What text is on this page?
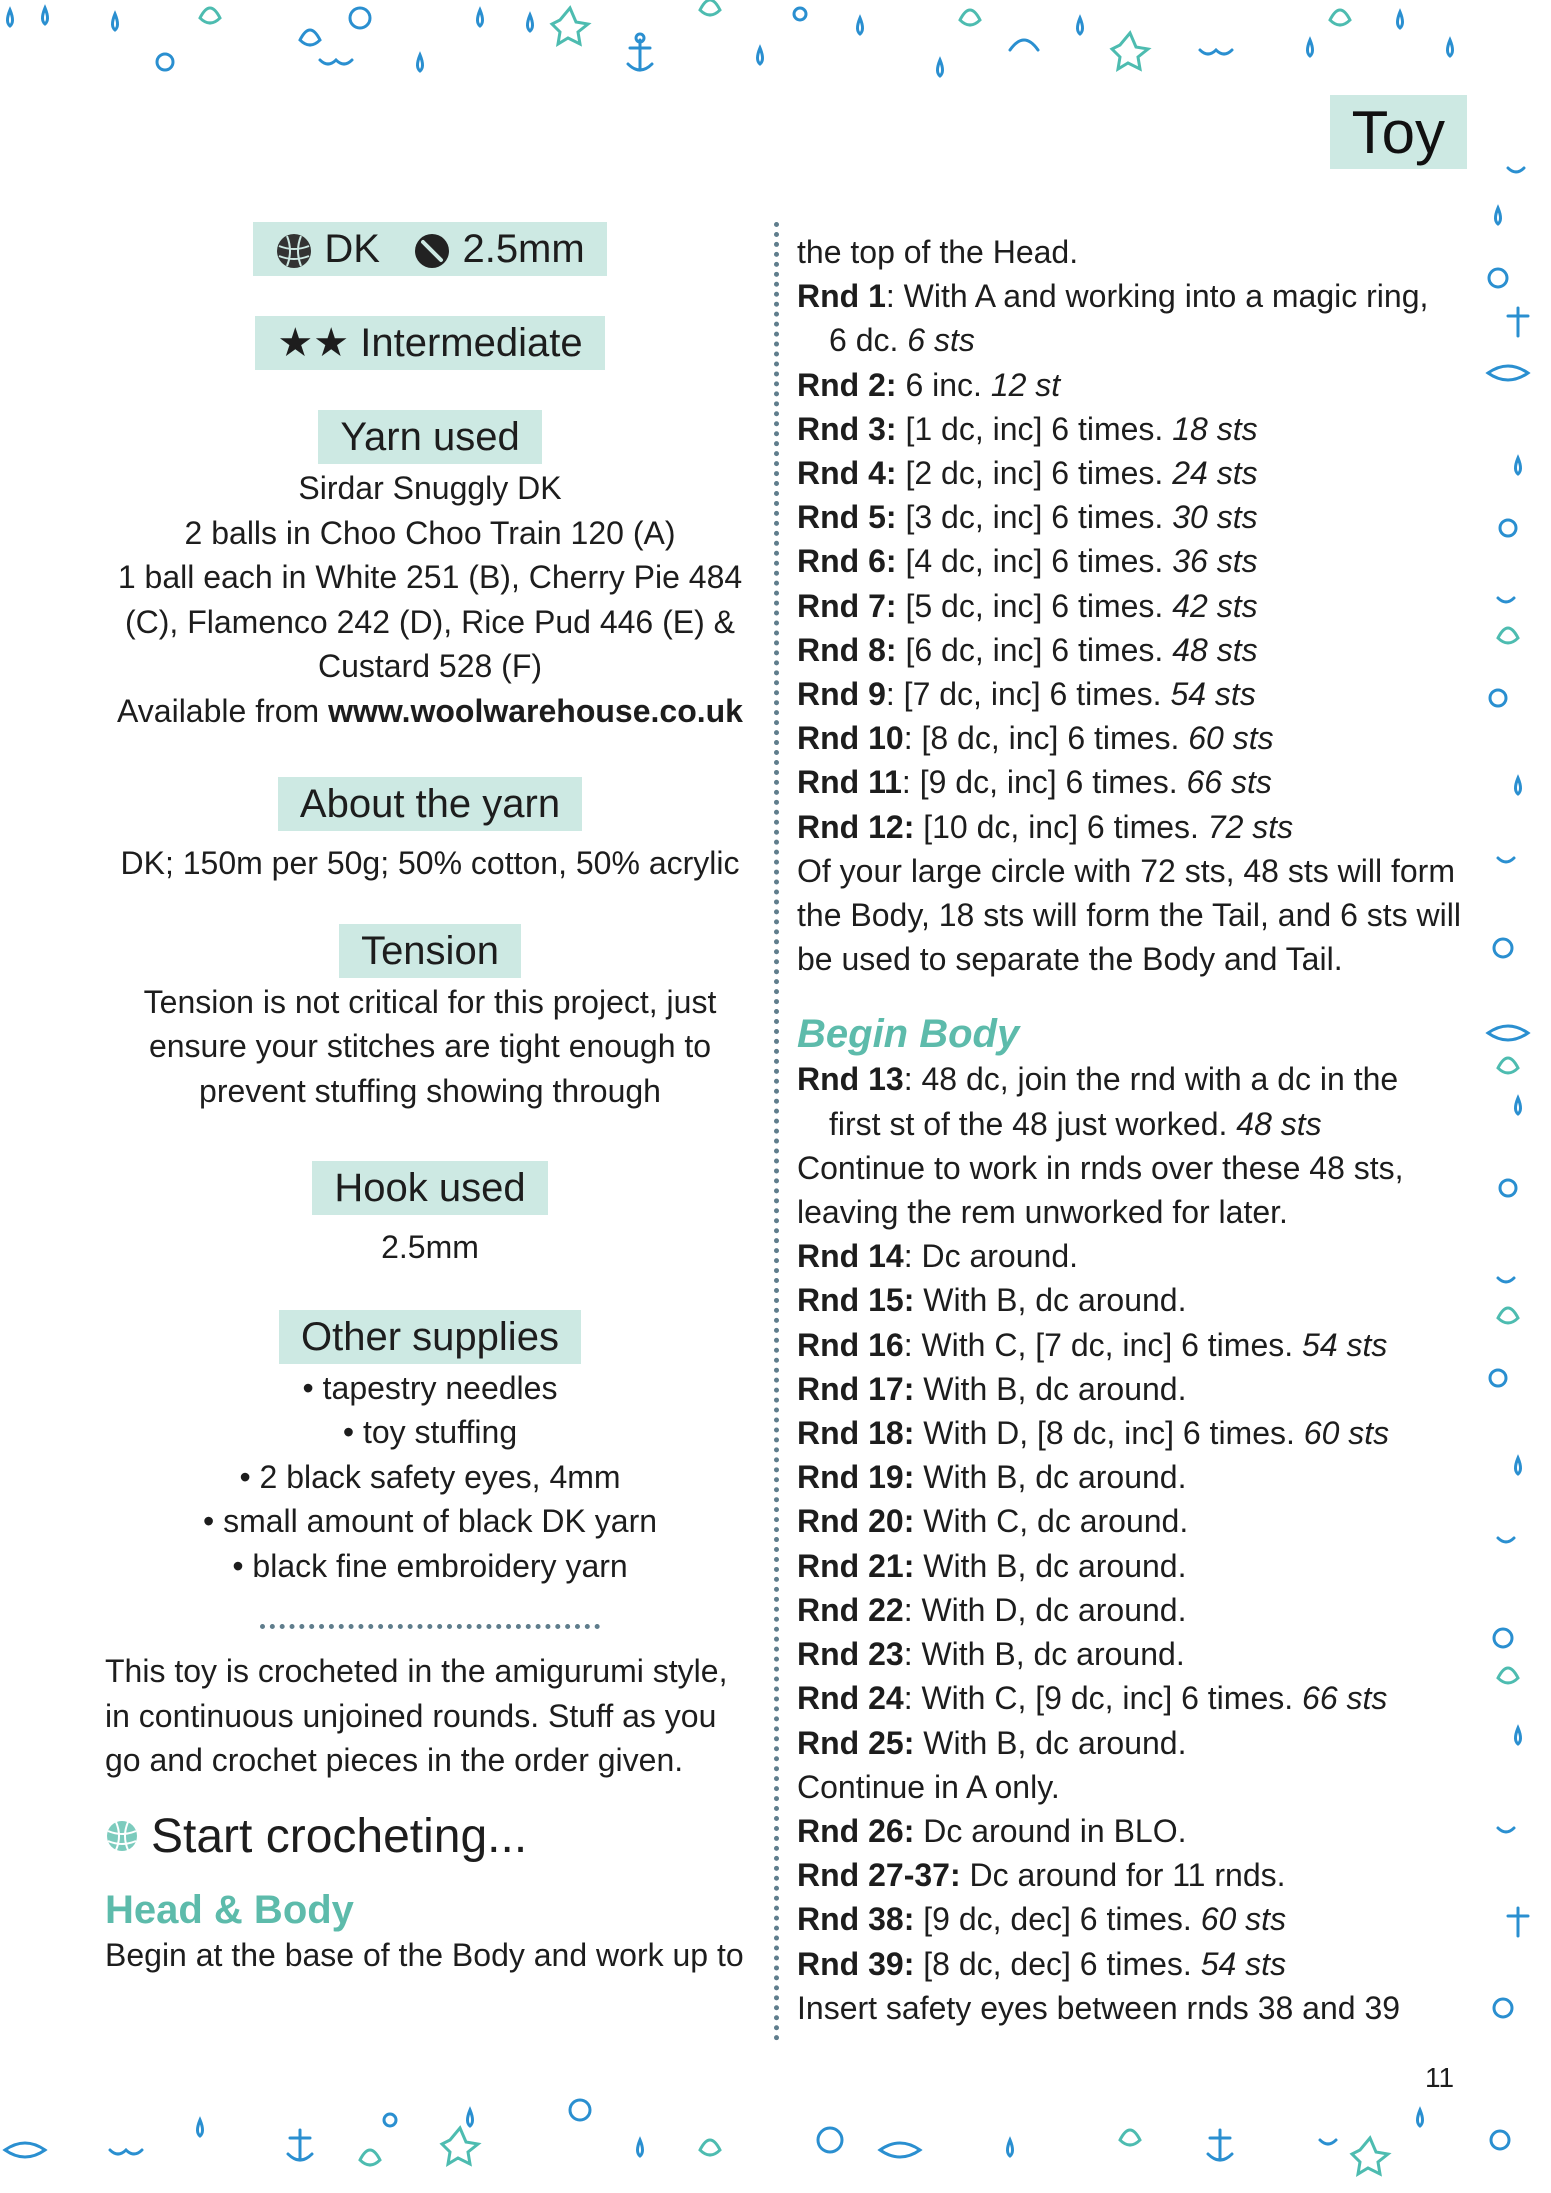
Toy
DK 2.5mm
★★ Intermediate
Yarn used
Sirdar Snuggly DK
2 balls in Choo Choo Train 120 (A)
1 ball each in White 251 (B), Cherry Pie 484
(C), Flamenco 242 (D), Rice Pud 446 (E) &
Custard 528 (F)
Available from www.woolwarehouse.co.uk
About the yarn
DK; 150m per 50g; 50% cotton, 50% acrylic
Tension
Tension is not critical for this project, just
ensure your stitches are tight enough to
prevent stuffing showing through
Hook used
2.5mm
Other supplies
• tapestry needles
• toy stuffing
• 2 black safety eyes, 4mm
• small amount of black DK yarn
• black fine embroidery yarn
This toy is crocheted in the amigurumi style,
in continuous unjoined rounds. Stuff as you
go and crochet pieces in the order given.
Start crocheting...
Head & Body
Begin at the base of the Body and work up to
the top of the Head.
Rnd 1: With A and working into a magic ring,
6 dc. 6 sts
Rnd 2: 6 inc. 12 st
Rnd 3: [1 dc, inc] 6 times. 18 sts
Rnd 4: [2 dc, inc] 6 times. 24 sts
Rnd 5: [3 dc, inc] 6 times. 30 sts
Rnd 6: [4 dc, inc] 6 times. 36 sts
Rnd 7: [5 dc, inc] 6 times. 42 sts
Rnd 8: [6 dc, inc] 6 times. 48 sts
Rnd 9: [7 dc, inc] 6 times. 54 sts
Rnd 10: [8 dc, inc] 6 times. 60 sts
Rnd 11: [9 dc, inc] 6 times. 66 sts
Rnd 12: [10 dc, inc] 6 times. 72 sts
Of your large circle with 72 sts, 48 sts will form
the Body, 18 sts will form the Tail, and 6 sts will
be used to separate the Body and Tail.
Begin Body
Rnd 13: 48 dc, join the rnd with a dc in the
first st of the 48 just worked. 48 sts
Continue to work in rnds over these 48 sts,
leaving the rem unworked for later.
Rnd 14: Dc around.
Rnd 15: With B, dc around.
Rnd 16: With C, [7 dc, inc] 6 times. 54 sts
Rnd 17: With B, dc around.
Rnd 18: With D, [8 dc, inc] 6 times. 60 sts
Rnd 19: With B, dc around.
Rnd 20: With C, dc around.
Rnd 21: With B, dc around.
Rnd 22: With D, dc around.
Rnd 23: With B, dc around.
Rnd 24: With C, [9 dc, inc] 6 times. 66 sts
Rnd 25: With B, dc around.
Continue in A only.
Rnd 26: Dc around in BLO.
Rnd 27-37: Dc around for 11 rnds.
Rnd 38: [9 dc, dec] 6 times. 60 sts
Rnd 39: [8 dc, dec] 6 times. 54 sts
Insert safety eyes between rnds 38 and 39
11
